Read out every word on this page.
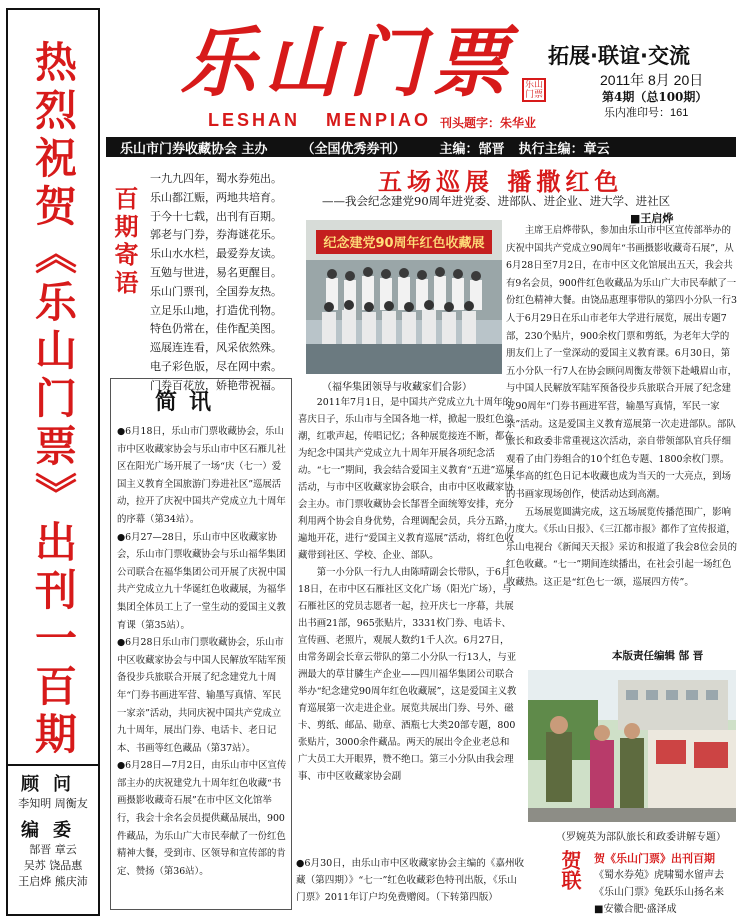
热烈祝贺《乐山门票》出刊一百期
顾问
李知明 周衡友
编委
郜晋 章云
吴苏 饶品惠
王启烨 熊庆沛
乐山门票 乐山门票
LESHAN MENPIAO 刊头题字：朱华业
拓展·联谊·交流
2011年 8月 20日
第4期（总100期）
乐内准印号：161
乐山市门券收藏协会 主办	（全国优秀券刊）	主编：郜晋 执行主编：章云
百期寄语
一九九四年，蜀水券苑出。
乐山都江赈，两地共培育。
于今十七载，出刊有百期。
郭老与门券，券海谜花乐。
乐山水水栏，最爱券友读。
互勉与世进，易名更醒目。
乐山门票刊，全国券友热。
立足乐山地，打造优刊物。
特色仍常在，佳作配美图。
巡展连连看，风采依然殊。
电子彩色版，尽在网中索。
门券百花放，娇艳带祝福。
简讯

●6月18日，乐山市门票收藏协会，乐山市中区收藏家协会与乐山市中区石雁儿社区在阳光广场开展了一场“庆（七一）爱国主义教育全国旅游门券进社区”巡展活动，拉开了庆祝中国共产党成立九十周年的序幕（第34站）。

●6月27—28日，乐山市中区收藏家协会，乐山市门票收藏协会与乐山福华集团公司联合在福华集团公司开展了庆祝中国共产党成立九十华诞红色收藏展，为福华集团全体员工上了一堂生动的爱国主义教育课（第35站）。

●6月28日乐山市门票收藏协会，乐山市中区收藏家协会与中国人民解放军陆军预备役步兵旅联合开展了纪念建党九十周年“门券书画进军营、输墨写真情、军民一家亲”活动，共同庆祝中国共产党成立九十周年，展出门券、电话卡、老日记本、书画等红色藏品（第37站）。

●6月28日—7月2日，由乐山市中区宣传部主办的庆祝建党九十周年红色收藏“书画摄影收藏奇石展”在市中区文化馆举行，我会十余名会员提供藏品展出，900件藏品，为乐山广大市民奉献了一份红色精神大餐，受到市、区领导和宣传部的肯定、赞扬（第36站）。

五场巡展 播撒红色
——我会纪念建党90周年进党委、进部队、进企业、进大学、进社区
■王启烨
纪念建党90周年红色收藏展
（福华集团领导与收藏家们合影）

2011年7月1日，是中国共产党成立九十周年的喜庆日子，乐山市与全国各地一样，掀起一股红色浪潮，红歌声起，传唱记忆；各种展览接连不断，都在为纪念中国共产党成立九十周年开展各项纪念活动。“七一”期间，我会结合爱国主义教育“五进”巡展活动，与市中区收藏家协会联合，由市中区收藏家协会主办。市门票收藏协会长郜晋全面统筹安排，充分利用两个协会自身优势，合理调配会员，兵分五路，遍地开花，进行“爱国主义教育巡展”活动，将红色收藏带到社区、学校、企业、部队。

第一小分队一行九人由陈晴副会长带队，于6月18日，在市中区石雁社区文化广场（阳光广场），与石雁社区的党员志愿者一起，拉开庆七一序幕，共展出书画21部，965张贴片，3331枚门券、电话卡、宣传画、老照片，观展人数约1千人次。6月27日，由常务副会长章云带队的第二小分队一行13人，与亚洲最大的草甘膦生产企业——四川福华集团公司联合举办“纪念建党90周年红色收藏展”，这是爱国主义教育巡展第一次走进企业。展览共展出门券、号外、磁卡、剪纸、邮品、勋章、酒瓶七大类20部专题，800张贴片，3000余件藏品。两天的展出令企业老总和广大员工大开眼界，赞不绝口。第三小分队由我会理事、市中区收藏家协会副

主席王启烨带队，参加由乐山市中区宣传部举办的庆祝中国共产党成立90周年“书画摄影收藏奇石展”，从6月28日至7月2日，在市中区文化馆展出五天，我会共有9名会员，900件红色收藏品为乐山广大市民奉献了一份红色精神大餐。由饶品惠理事带队的第四小分队一行3人于6月29日在乐山市老年大学进行展览，展出专题7部，230个贴片，900余枚门票和剪纸，为老年大学的朋友们上了一堂深动的爱国主义教育课。6月30日，第五小分队一行7人在协会顾问周衡友带领下赴峨眉山市，与中国人民解放军陆军预备役步兵旅联合开展了纪念建党90周年“门券书画进军营，输墨写真情，军民一家亲”活动。这是爱国主义教育巡展第一次走进部队。部队旅长和政委非常重视这次活动，亲自带领部队官兵仔细观看了由门券组合的10个红色专题、1800余枚门票。朱华高的红色日记本收藏也成为当天的一大亮点，到场的书画家现场创作，使活动达到高潮。

五场展览圆满完成，这五场展览传播范围广，影响力度大。《乐山日报》、《三江都市报》都作了宣传报道，乐山电视台《新闻天天报》采访和报道了我会8位会员的红色收藏。“七一”期间连续播出，在社会引起一场红色收藏热。这正是“红色七一颂，巡展四方传”。

本版责任编辑 郜 晋
（罗婉英为部队旅长和政委讲解专题）
●6月30日，由乐山市中区收藏家协会主编的《嘉州收藏（第四期）》“七一”红色收藏彩色特刊出版，《乐山门票》2011年订户均免费赠阅。（下转第四版）
贺联 贺《乐山门票》出刊百期
《蜀水券苑》虎啸蜀水留声去
《乐山门票》兔跃乐山扬名来
■安徽合肥·盛泽成
